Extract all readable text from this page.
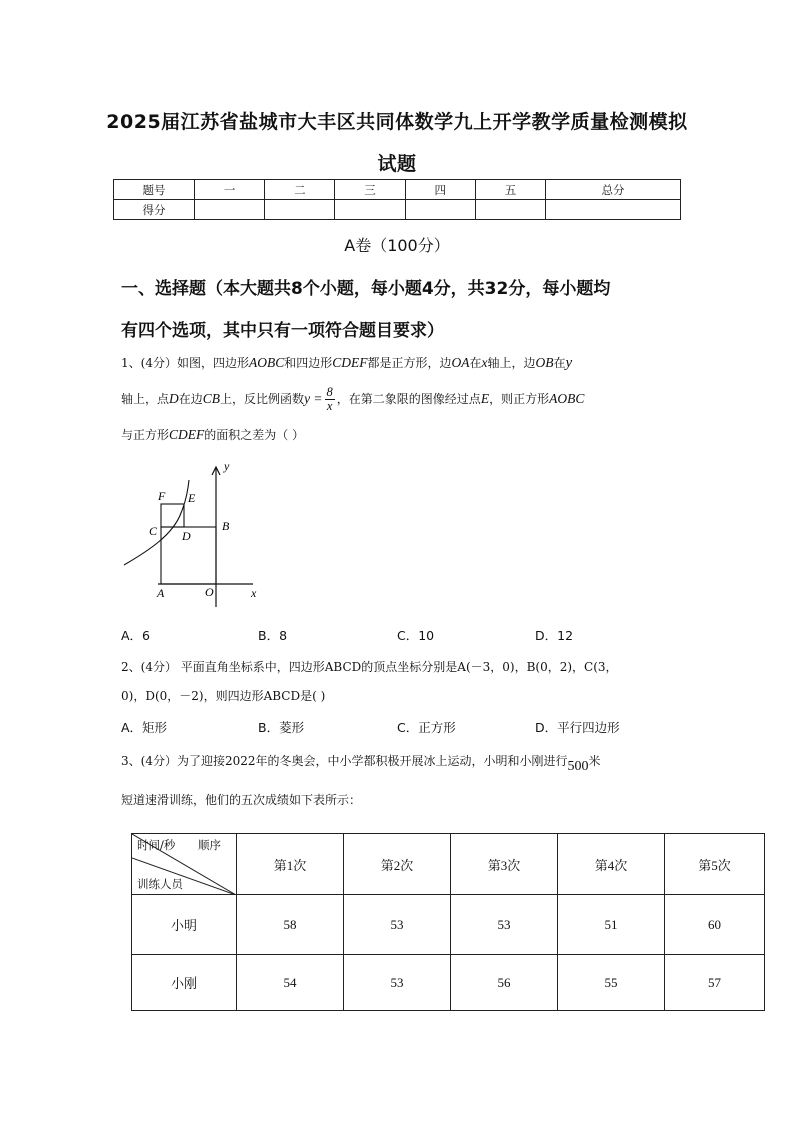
2025届江苏省盐城市大丰区共同体数学九上开学教学质量检测模拟
试题
题号	一	二	三	四	五	总分
得分						
A卷（100分）
一、选择题（本大题共8个小题，每小题4分，共32分，每小题均
有四个选项，其中只有一项符合题目要求）
1、(4分）如图，四边形AOBC和四边形CDEF都是正方形，边OA在x轴上，边OB在y
轴上，点D在边CB上，反比例函数$y = \frac{8}{x}$ ，在第二象限的图像经过点E，则正方形AOBC
与正方形CDEF的面积之差为（ ）
y
F E
C	B
D
A	O	x
A．6	B．8	C．10	D．12
2、(4分） 平面直角坐标系中，四边形ABCD的顶点坐标分别是A(－3，0)，B(0，2)，C(3，
0)，D(0，－2)，则四边形ABCD是( )
A．矩形	B．菱形	C．正方形	D．平行四边形
3、(4分）为了迎接2022年的冬奥会，中小学都积极开展冰上运动，小明和小刚进行500米
短道速滑训练，他们的五次成绩如下表所示：
时间/秒 顺序
训练人员	第1次	第2次	第3次	第4次	第5次
小明	58	53	53	51	60
小刚	54	53	56	55	57
